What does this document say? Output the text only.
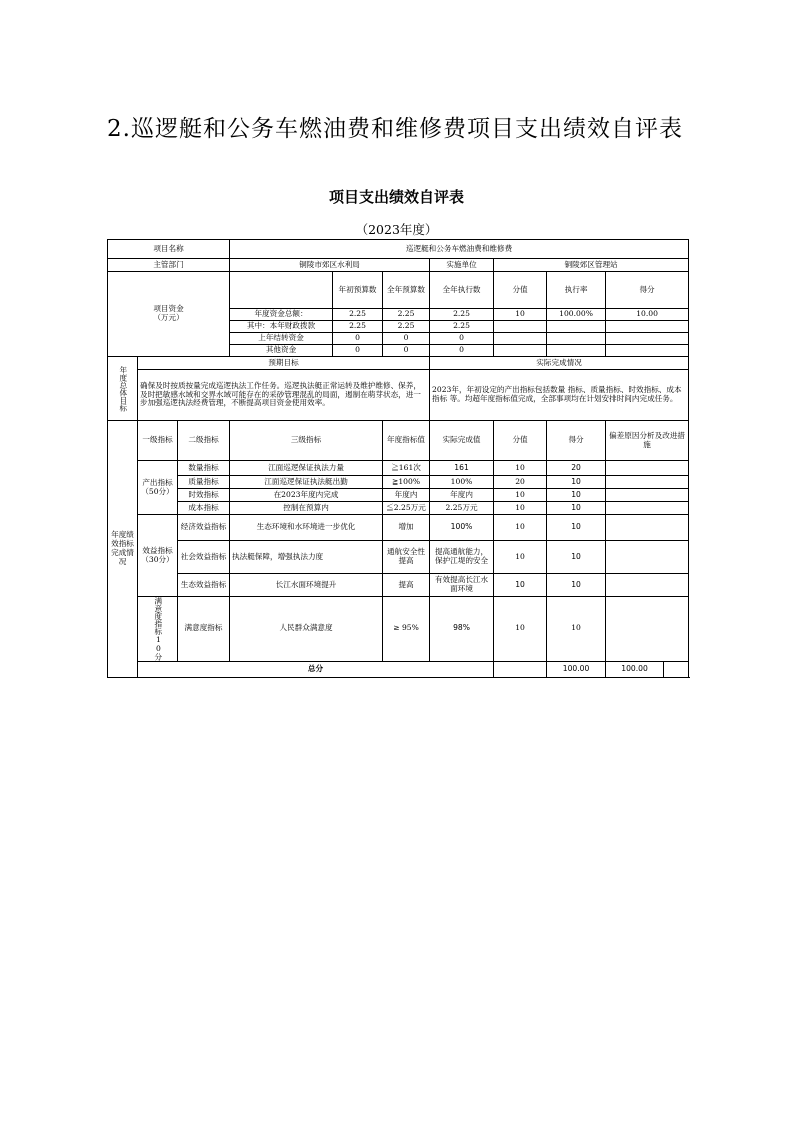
2.巡逻艇和公务车燃油费和维修费项目支出绩效自评表
项目支出绩效自评表
（2023年度）
项目名称			巡逻艇和公务车燃油费和维修费							
主管部门			铜陵市郊区水利局			实施单位	铜陵郊区管理站			
项目资金
（万元）				年初预算数	全年预算数	全年执行数	分值	执行率	得分	
			年度资金总额：	2.25	2.25	2.25	10	100.00%	10.00	
			其中：本年财政拨款	2.25	2.25	2.25				
			上年结转资金	0	0	0				
			其他资金	0	0	0				

年度总体目标	预期目标					实际完成情况				
	确保及时按质按量完成巡逻执法工作任务。巡逻执法艇正常运转及维护维修、保养，及时把敏感水域和交界水域可能存在的采砂管理混乱的局面，遏制在萌芽状态，进一步加强巡逻执法经费管理，不断提高项目资金使用效率。					2023年，年初设定的产出指标包括数量 指标、质量指标、时效指标、成本指标 等。均超年度指标值完成，全部事项均在计划安排时间内完成任务。				
年度绩效指标完成情况	一级指标	二级指标	三级指标		年度指标值	实际完成值	分值	得分	偏差原因分析及改进措施	
	产出指标（50分）	数量指标	江面巡逻保证执法力量		≧161次	161	10	20		
		质量指标	江面巡逻保证执法艇出勤		≧100%	100%	20	10		
		时效指标	在2023年度内完成		年度内	年度内	10	10		
		成本指标	控制在预算内		≦2.25万元	2.25万元	10	10		
	效益指标（30分）	经济效益指标	生态环境和水环境进一步优化		增加	100%	10	10		
		社会效益指标	执法艇保障，增强执法力度		通航安全性提高	提高通航能力，保护江堤的安全	10	10		
		生态效益指标	长江水面环境提升		提高	有效提高长江水面环境	10	10		

	满意度指标10分	满意度指标	人民群众满意度		≥ 95%	98%	10	10		
	总分							100.00	100.00	
